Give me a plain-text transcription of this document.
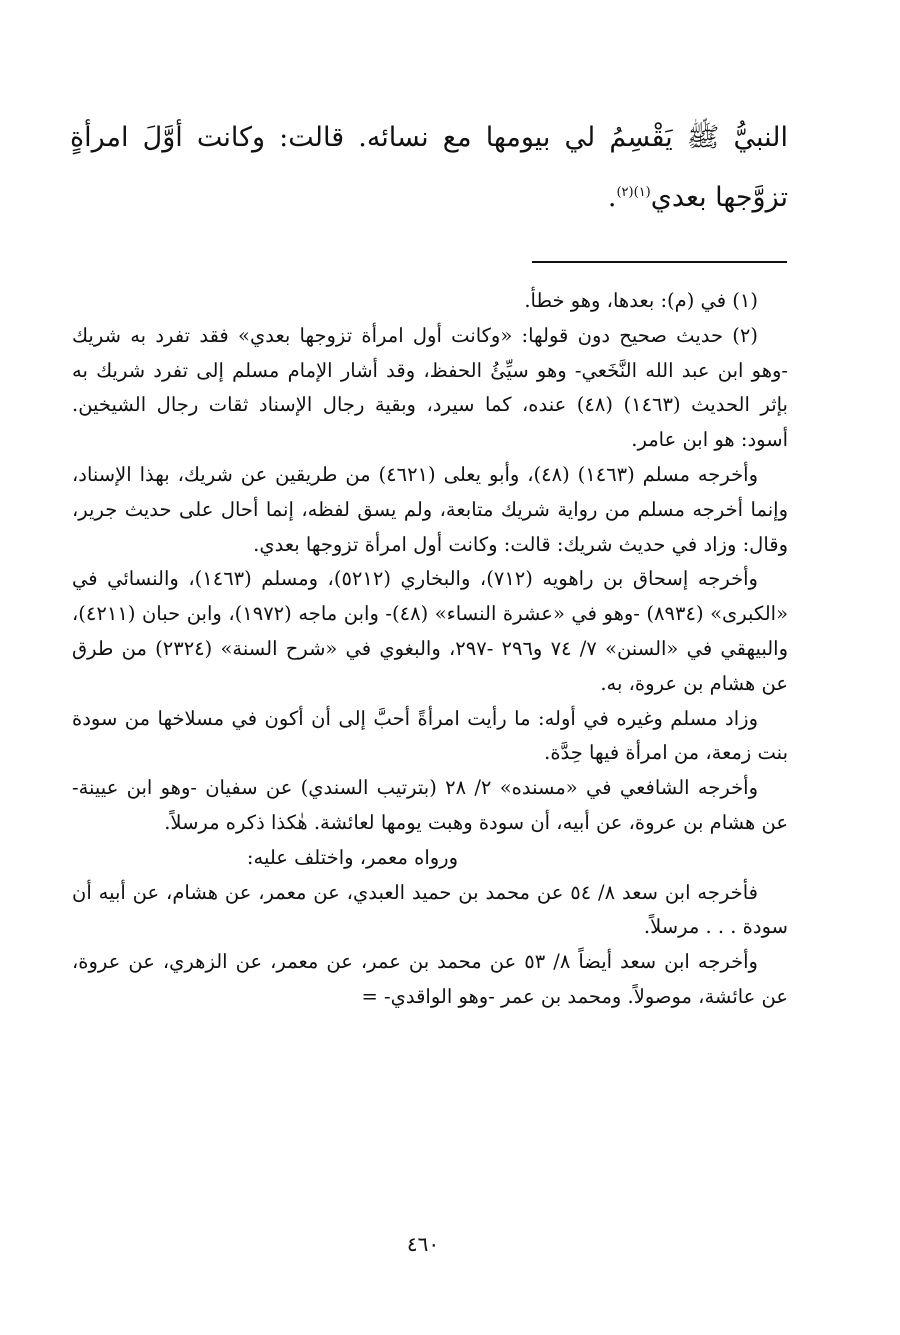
النبيُّ ﷺ يَقْسِمُ لي بيومها مع نسائه. قالت: وكانت أوَّلَ امرأةٍ تزوَّجها بعدي$^{(١)(٢)}$.

(١) في (م): بعدها، وهو خطأ.

(٢) حديث صحيح دون قولها: «وكانت أول امرأة تزوجها بعدي» فقد تفرد به شريك -وهو ابن عبد الله النَّخَعي- وهو سيِّئُ الحفظ، وقد أشار الإمام مسلم إلى تفرد شريك به بإثر الحديث (١٤٦٣) (٤٨) عنده، كما سيرد، وبقية رجال الإسناد ثقات رجال الشيخين. أسود: هو ابن عامر.

وأخرجه مسلم (١٤٦٣) (٤٨)، وأبو يعلى (٤٦٢١) من طريقين عن شريك، بهذا الإسناد، وإنما أخرجه مسلم من رواية شريك متابعة، ولم يسق لفظه، إنما أحال على حديث جرير، وقال: وزاد في حديث شريك: قالت: وكانت أول امرأة تزوجها بعدي.

وأخرجه إسحاق بن راهويه (٧١٢)، والبخاري (٥٢١٢)، ومسلم (١٤٦٣)، والنسائي في «الكبرى» (٨٩٣٤) -وهو في «عشرة النساء» (٤٨)- وابن ماجه (١٩٧٢)، وابن حبان (٤٢١١)، والبيهقي في «السنن» ٧/ ٧٤ و٢٩٦ -٢٩٧، والبغوي في «شرح السنة» (٢٣٢٤) من طرق عن هشام بن عروة، به.

وزاد مسلم وغيره في أوله: ما رأيت امرأةً أحبَّ إلى أن أكون في مسلاخها من سودة بنت زمعة، من امرأة فيها حِدَّة.

وأخرجه الشافعي في «مسنده» ٢/ ٢٨ (بترتيب السندي) عن سفيان -وهو ابن عيينة- عن هشام بن عروة، عن أبيه، أن سودة وهبت يومها لعائشة. هٰكذا ذكره مرسلاً.

ورواه معمر، واختلف عليه:

فأخرجه ابن سعد ٨/ ٥٤ عن محمد بن حميد العبدي، عن معمر، عن هشام، عن أبيه أن سودة . . . مرسلاً.

وأخرجه ابن سعد أيضاً ٨/ ٥٣ عن محمد بن عمر، عن معمر، عن الزهري، عن عروة، عن عائشة، موصولاً. ومحمد بن عمر -وهو الواقدي- =

٤٦٠
